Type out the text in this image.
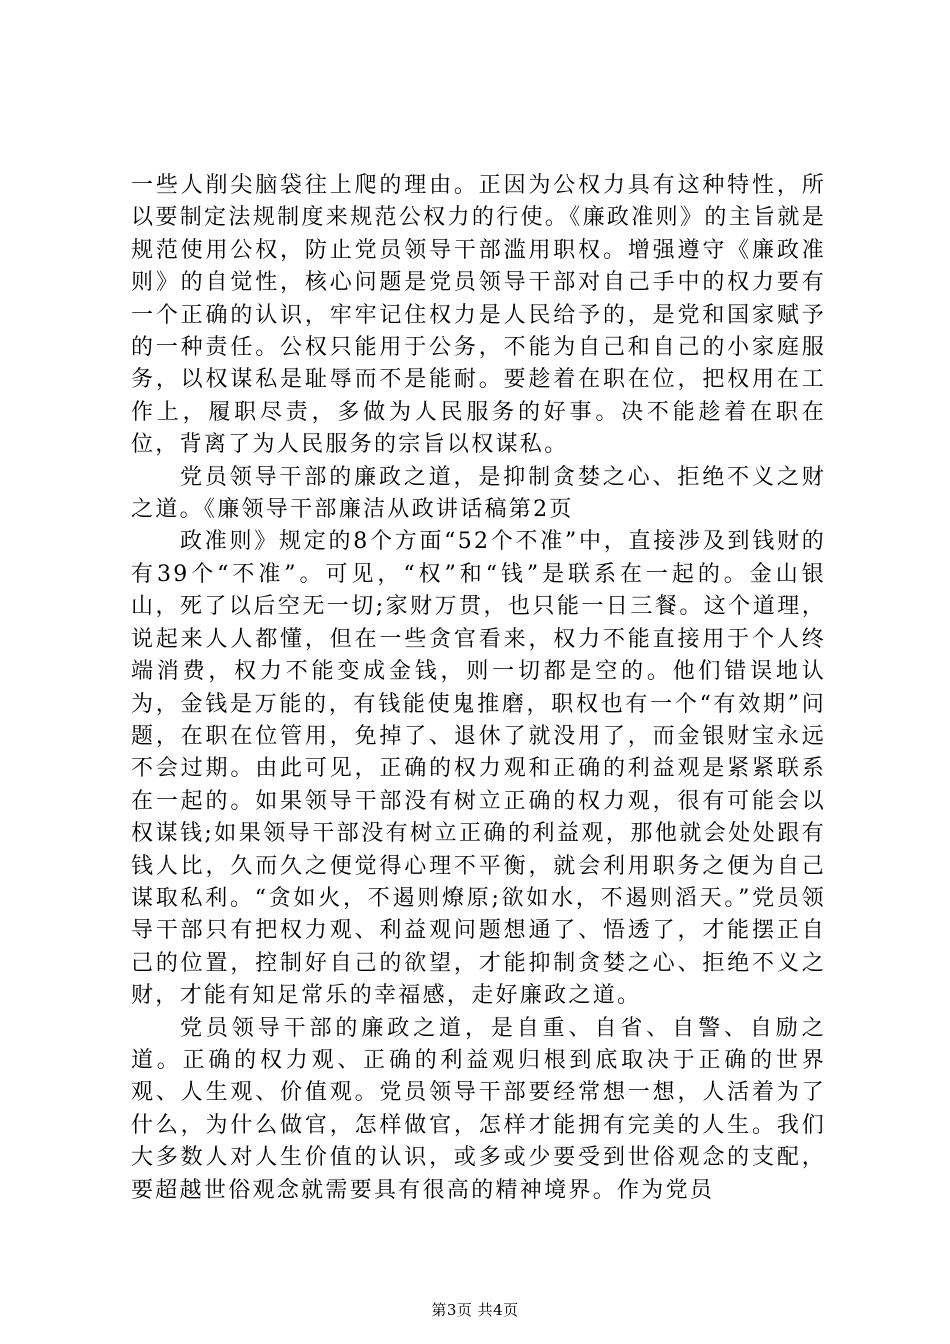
一些人削尖脑袋往上爬的理由。正因为公权力具有这种特性，所以要制定法规制度来规范公权力的行使。《廉政准则》的主旨就是规范使用公权，防止党员领导干部滥用职权。增强遵守《廉政准则》的自觉性，核心问题是党员领导干部对自己手中的权力要有一个正确的认识，牢牢记住权力是人民给予的，是党和国家赋予的一种责任。公权只能用于公务，不能为自己和自己的小家庭服务，以权谋私是耻辱而不是能耐。要趁着在职在位，把权用在工作上，履职尽责，多做为人民服务的好事。决不能趁着在职在位，背离了为人民服务的宗旨以权谋私。

党员领导干部的廉政之道，是抑制贪婪之心、拒绝不义之财之道。《廉领导干部廉洁从政讲话稿第2页

政准则》规定的8个方面“52个不准”中，直接涉及到钱财的有39个“不准”。可见，“权”和“钱”是联系在一起的。金山银山，死了以后空无一切;家财万贯，也只能一日三餐。这个道理，说起来人人都懂，但在一些贪官看来，权力不能直接用于个人终端消费，权力不能变成金钱，则一切都是空的。他们错误地认为，金钱是万能的，有钱能使鬼推磨，职权也有一个“有效期”问题，在职在位管用，免掉了、退休了就没用了，而金银财宝永远不会过期。由此可见，正确的权力观和正确的利益观是紧紧联系在一起的。如果领导干部没有树立正确的权力观，很有可能会以权谋钱;如果领导干部没有树立正确的利益观，那他就会处处跟有钱人比，久而久之便觉得心理不平衡，就会利用职务之便为自己谋取私利。“贪如火，不遏则燎原;欲如水，不遏则滔天。”党员领导干部只有把权力观、利益观问题想通了、悟透了，才能摆正自己的位置，控制好自己的欲望，才能抑制贪婪之心、拒绝不义之财，才能有知足常乐的幸福感，走好廉政之道。

党员领导干部的廉政之道，是自重、自省、自警、自励之道。正确的权力观、正确的利益观归根到底取决于正确的世界观、人生观、价值观。党员领导干部要经常想一想，人活着为了什么，为什么做官，怎样做官，怎样才能拥有完美的人生。我们大多数人对人生价值的认识，或多或少要受到世俗观念的支配，要超越世俗观念就需要具有很高的精神境界。作为党员

第3页 共4页
